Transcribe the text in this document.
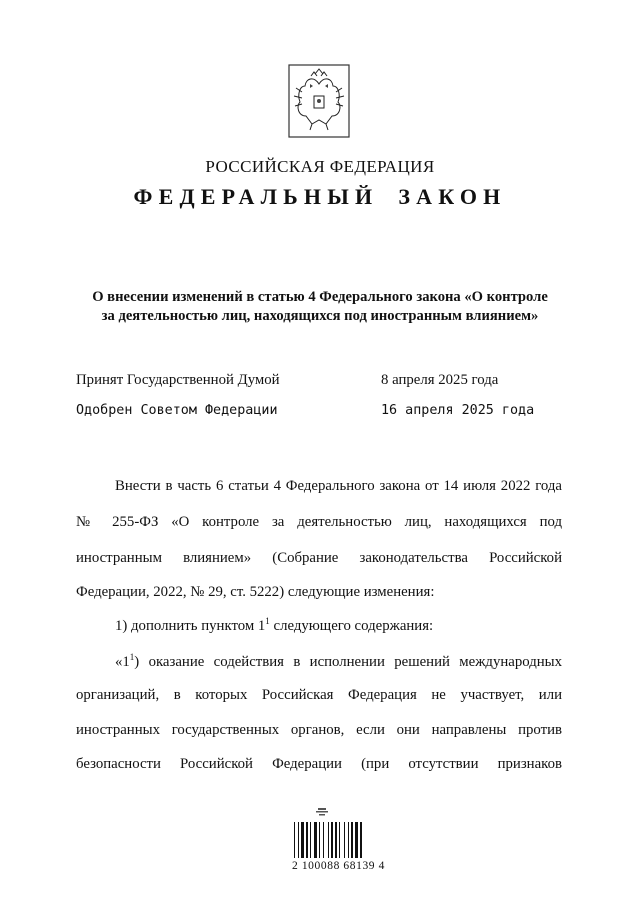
РОССИЙСКАЯ ФЕДЕРАЦИЯ
ФЕДЕРАЛЬНЫЙ ЗАКОН
О внесении изменений в статью 4 Федерального закона «О контроле
за деятельностью лиц, находящихся под иностранным влиянием»
Принят Государственной Думой	8 апреля 2025 года
Одобрен Советом Федерации	16 апреля 2025 года
Внести в часть 6 статьи 4 Федерального закона от 14 июля 2022 года
№ 255-ФЗ «О контроле за деятельностью лиц, находящихся под
иностранным влиянием» (Собрание законодательства Российской
Федерации, 2022, № 29, ст. 5222) следующие изменения:
1) дополнить пунктом $1^1$ следующего содержания:
«$1^1$) оказание содействия в исполнении решений международных
организаций, в которых Российская Федерация не участвует, или
иностранных государственных органов, если они направлены против
безопасности Российской Федерации (при отсутствии признаков
2 100088 68139 4
